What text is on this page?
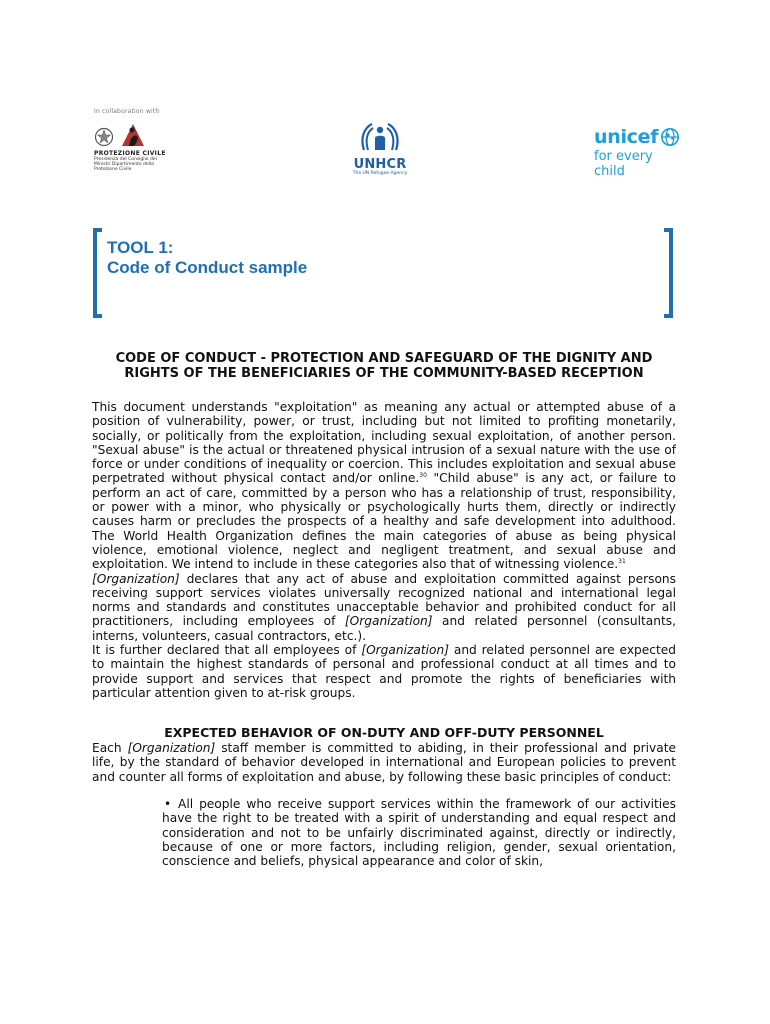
In collaboration with
PROTEZIONE CIVILE
Presidenza del Consiglio dei Ministri Dipartimento della Protezione Civile	UNHCR
The UN Refugee Agency
unicef
for every child
TOOL 1:
Code of Conduct sample
CODE OF CONDUCT - PROTECTION AND SAFEGUARD OF THE DIGNITY AND RIGHTS OF THE BENEFICIARIES OF THE COMMUNITY-BASED RECEPTION

This document understands "exploitation" as meaning any actual or attempted abuse of a position of vulnerability, power, or trust, including but not limited to profiting monetarily, socially, or politically from the exploitation, including sexual exploitation, of another person. "Sexual abuse" is the actual or threatened physical intrusion of a sexual nature with the use of force or under conditions of inequality or coercion. This includes exploitation and sexual abuse perpetrated without physical contact and/or online.$^{30}$ "Child abuse" is any act, or failure to perform an act of care, committed by a person who has a relationship of trust, responsibility, or power with a minor, who physically or psychologically hurts them, directly or indirectly causes harm or precludes the prospects of a healthy and safe development into adulthood. The World Health Organization defines the main categories of abuse as being physical violence, emotional violence, neglect and negligent treatment, and sexual abuse and exploitation. We intend to include in these categories also that of witnessing violence.$^{31}$

[Organization] declares that any act of abuse and exploitation committed against persons receiving support services violates universally recognized national and international legal norms and standards and constitutes unacceptable behavior and prohibited conduct for all practitioners, including employees of [Organization] and related personnel (consultants, interns, volunteers, casual contractors, etc.).

It is further declared that all employees of [Organization] and related personnel are expected to maintain the highest standards of personal and professional conduct at all times and to provide support and services that respect and promote the rights of beneficiaries with particular attention given to at-risk groups.

EXPECTED BEHAVIOR OF ON-DUTY AND OFF-DUTY PERSONNEL

Each [Organization] staff member is committed to abiding, in their professional and private life, by the standard of behavior developed in international and European policies to prevent and counter all forms of exploitation and abuse, by following these basic principles of conduct:

• All people who receive support services within the framework of our activities have the right to be treated with a spirit of understanding and equal respect and consideration and not to be unfairly discriminated against, directly or indirectly, because of one or more factors, including religion, gender, sexual orientation, conscience and beliefs, physical appearance and color of skin,
